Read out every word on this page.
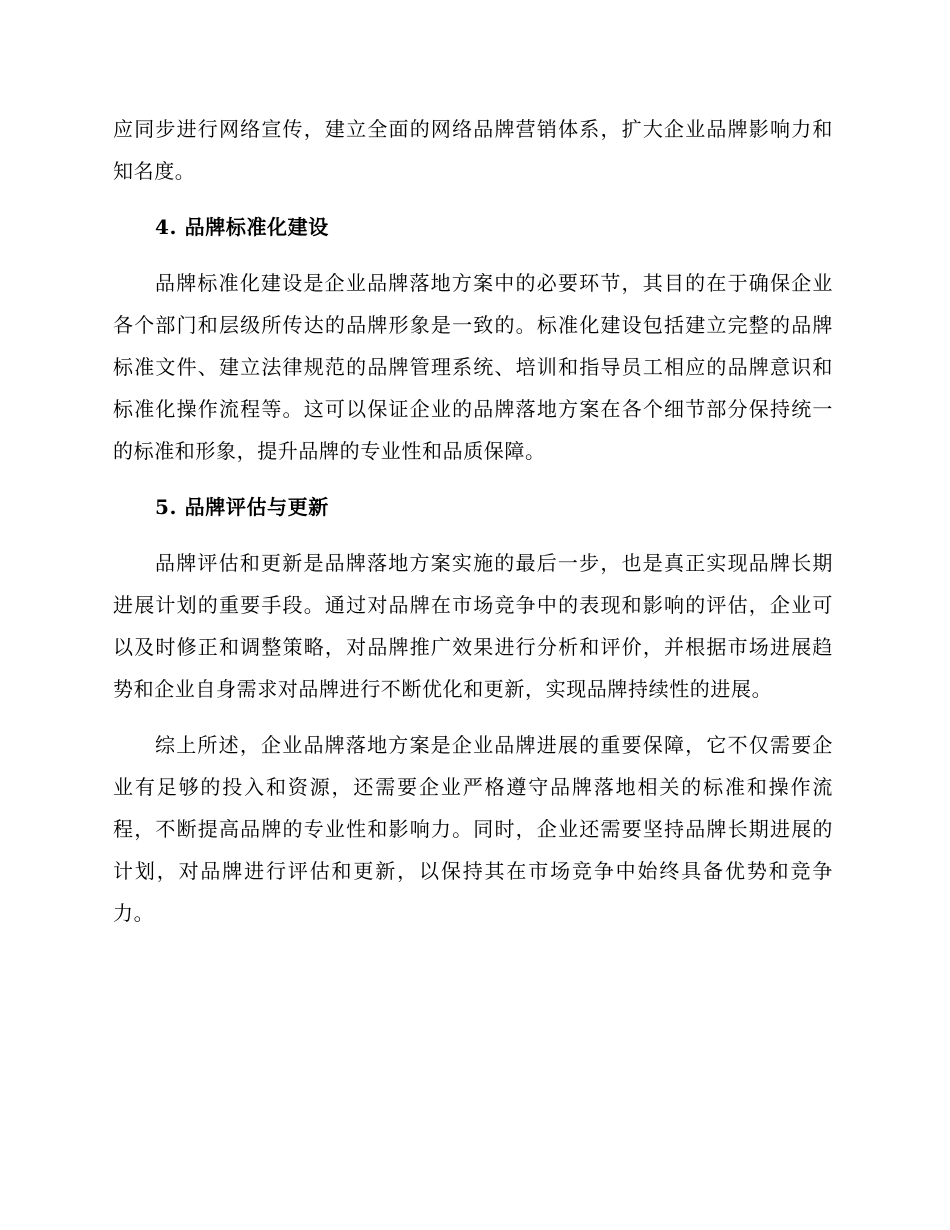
应同步进行网络宣传，建立全面的网络品牌营销体系，扩大企业品牌影响力和知名度。

4. 品牌标准化建设

品牌标准化建设是企业品牌落地方案中的必要环节，其目的在于确保企业各个部门和层级所传达的品牌形象是一致的。标准化建设包括建立完整的品牌标准文件、建立法律规范的品牌管理系统、培训和指导员工相应的品牌意识和标准化操作流程等。这可以保证企业的品牌落地方案在各个细节部分保持统一的标准和形象，提升品牌的专业性和品质保障。

5. 品牌评估与更新

品牌评估和更新是品牌落地方案实施的最后一步，也是真正实现品牌长期进展计划的重要手段。通过对品牌在市场竞争中的表现和影响的评估，企业可以及时修正和调整策略，对品牌推广效果进行分析和评价，并根据市场进展趋势和企业自身需求对品牌进行不断优化和更新，实现品牌持续性的进展。

综上所述，企业品牌落地方案是企业品牌进展的重要保障，它不仅需要企业有足够的投入和资源，还需要企业严格遵守品牌落地相关的标准和操作流程，不断提高品牌的专业性和影响力。同时，企业还需要坚持品牌长期进展的计划，对品牌进行评估和更新，以保持其在市场竞争中始终具备优势和竞争力。
